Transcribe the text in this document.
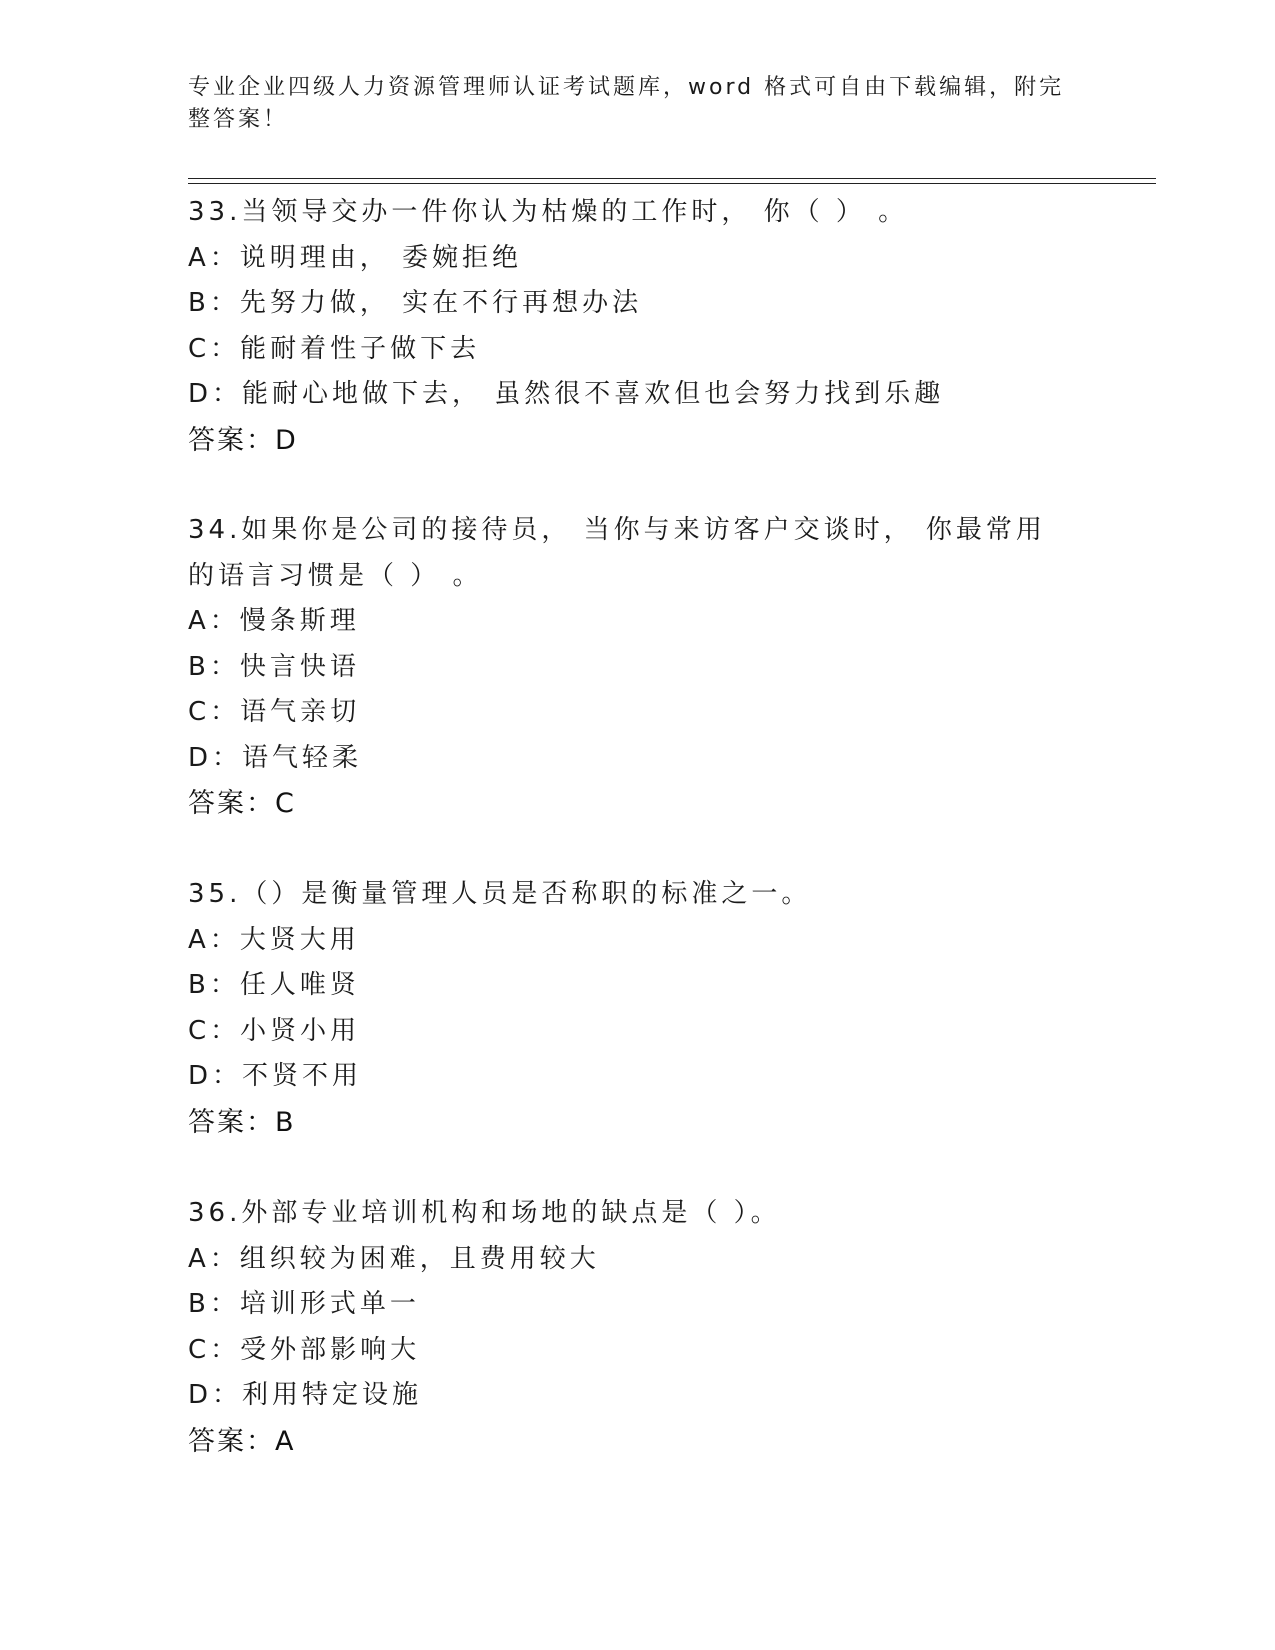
专业企业四级人力资源管理师认证考试题库，word 格式可自由下载编辑，附完整答案！
33.当领导交办一件你认为枯燥的工作时， 你（ ） 。
A：说明理由， 委婉拒绝
B：先努力做， 实在不行再想办法
C：能耐着性子做下去
D：能耐心地做下去， 虽然很不喜欢但也会努力找到乐趣
答案：D
34.如果你是公司的接待员， 当你与来访客户交谈时， 你最常用的语言习惯是（ ） 。
A：慢条斯理
B：快言快语
C：语气亲切
D：语气轻柔
答案：C
35.（）是衡量管理人员是否称职的标准之一。
A：大贤大用
B：任人唯贤
C：小贤小用
D：不贤不用
答案：B
36.外部专业培训机构和场地的缺点是（ ）。
A：组织较为困难，且费用较大
B：培训形式单一
C：受外部影响大
D：利用特定设施
答案：A
